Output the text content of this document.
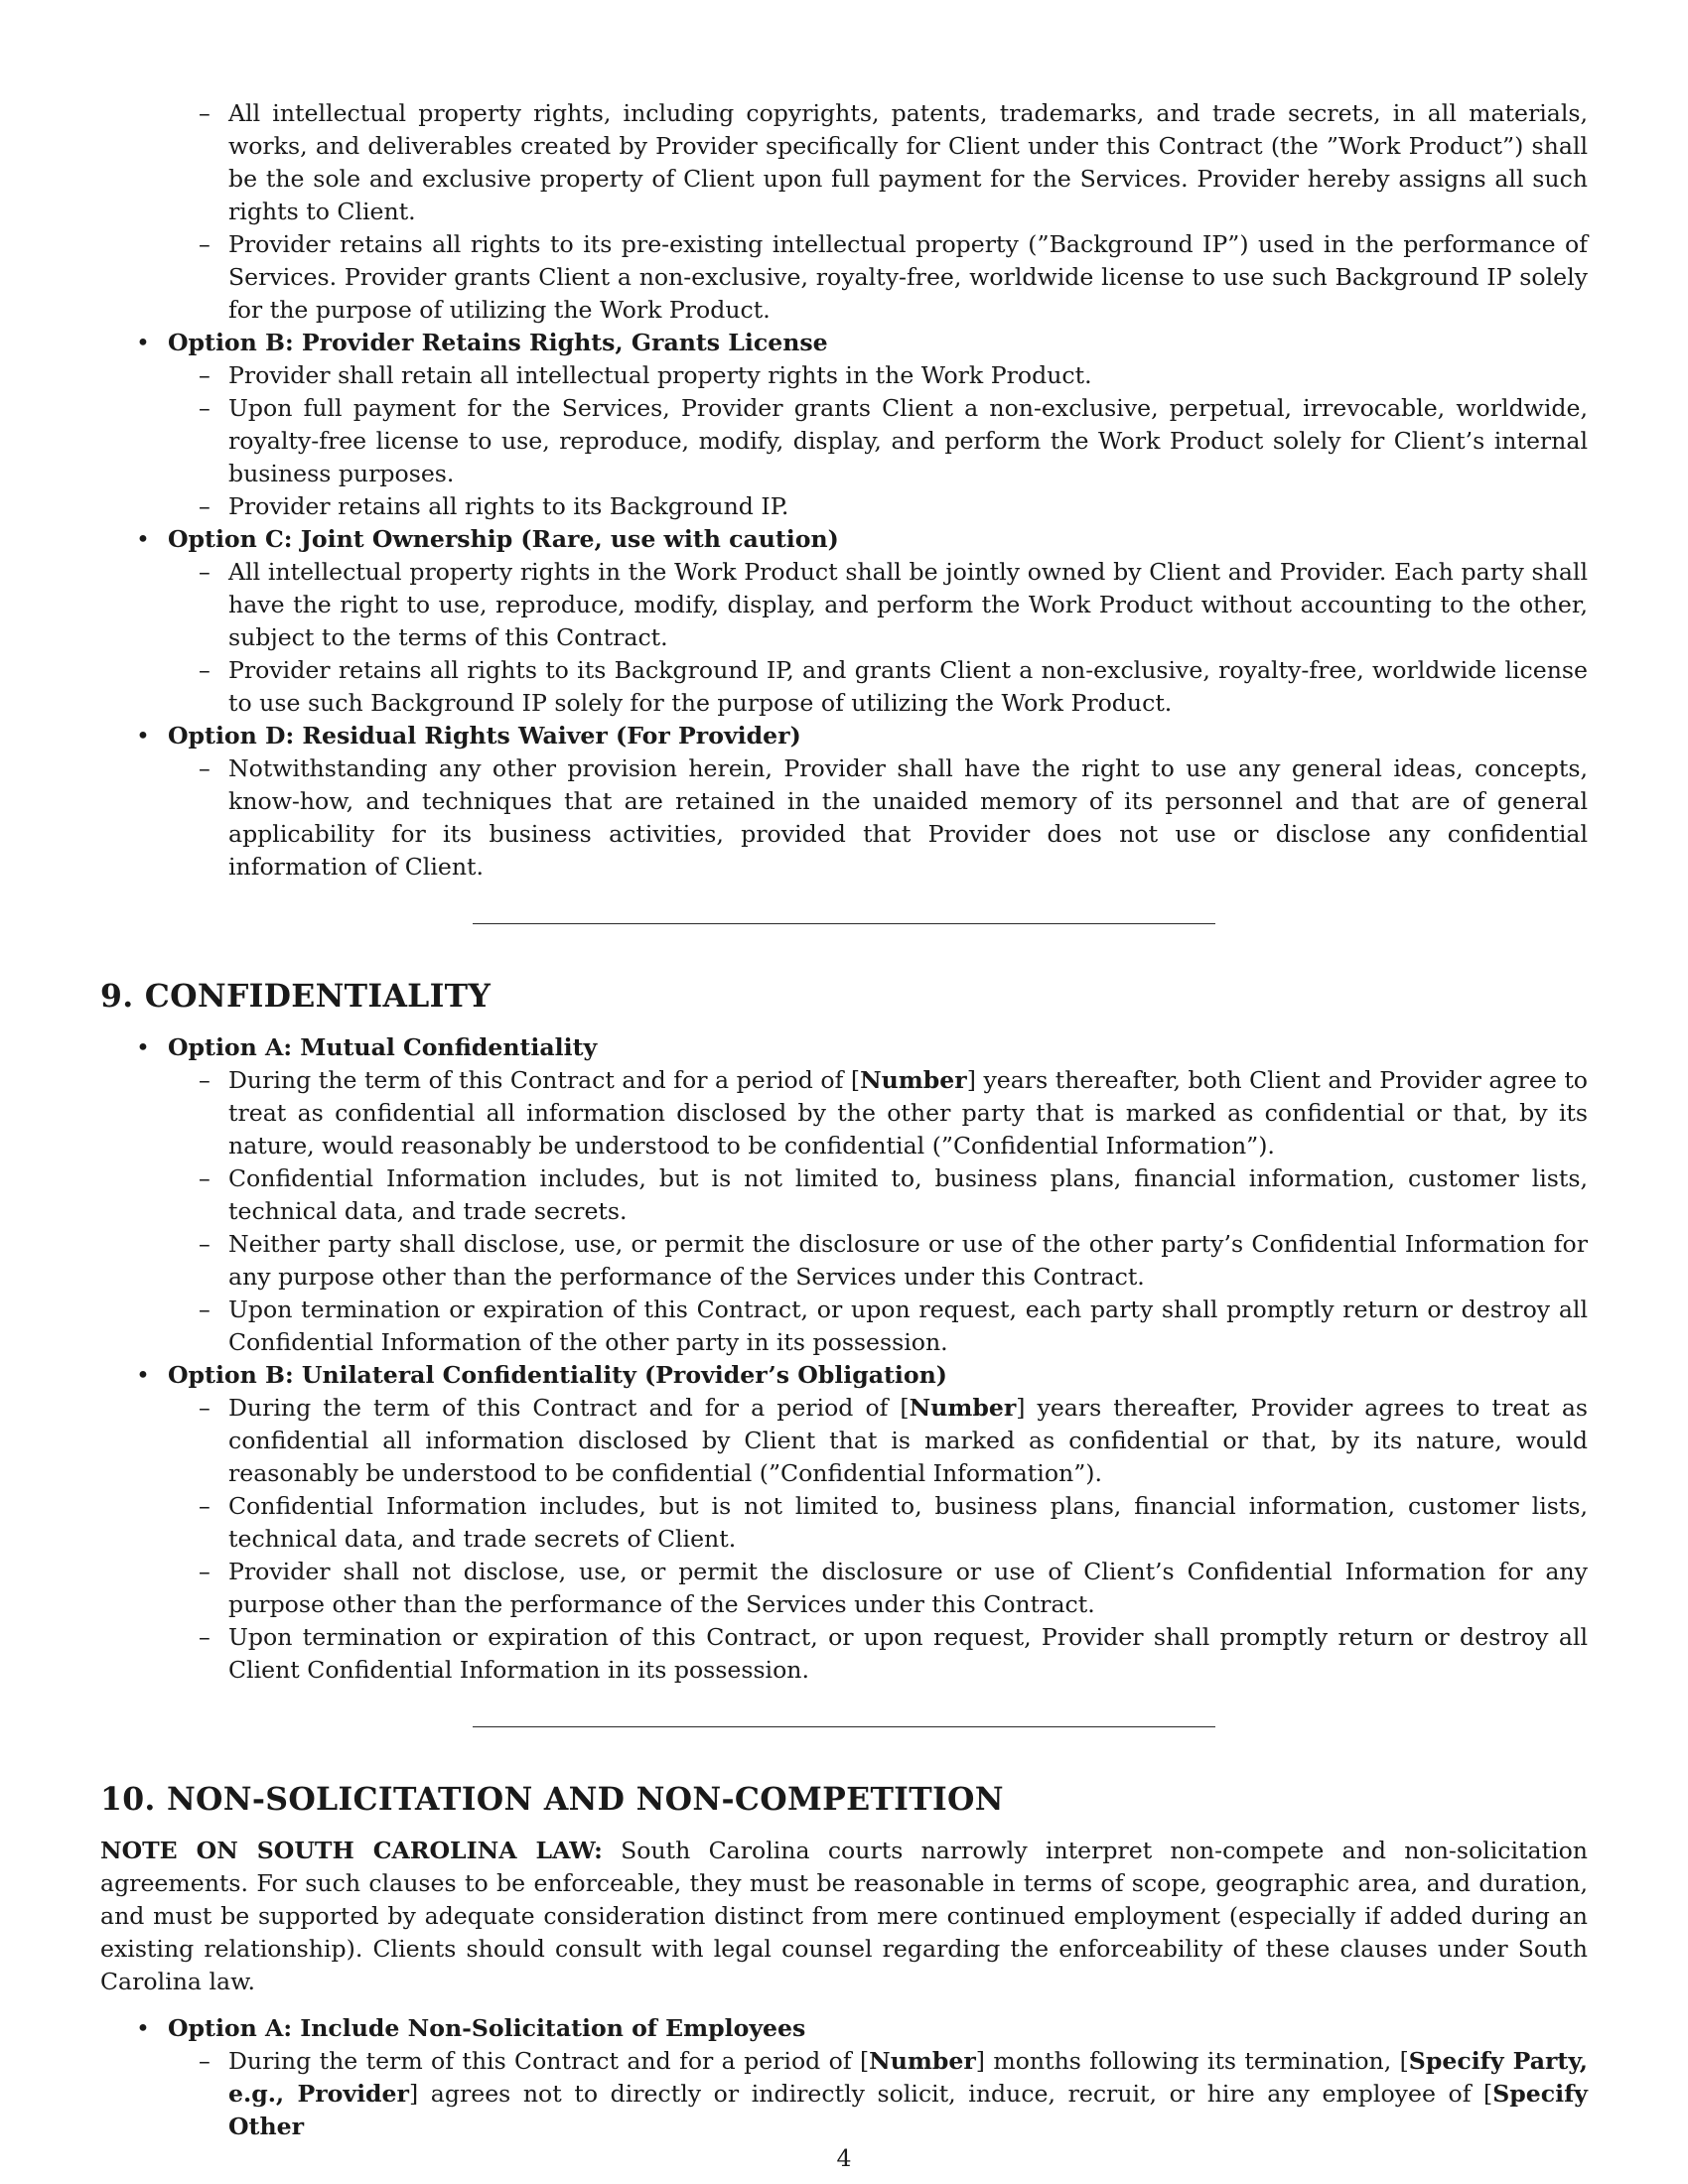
– All intellectual property rights, including copyrights, patents, trademarks, and trade secrets, in all materials, works, and deliverables created by Provider specifically for Client under this Contract (the ”Work Product”) shall be the sole and exclusive property of Client upon full payment for the Services. Provider hereby assigns all such rights to Client.
– Provider retains all rights to its pre-existing intellectual property (”Background IP”) used in the performance of Services. Provider grants Client a non-exclusive, royalty-free, worldwide license to use such Background IP solely for the purpose of utilizing the Work Product.
• Option B: Provider Retains Rights, Grants License
– Provider shall retain all intellectual property rights in the Work Product.
– Upon full payment for the Services, Provider grants Client a non-exclusive, perpetual, irrevocable, worldwide, royalty-free license to use, reproduce, modify, display, and perform the Work Product solely for Client’s internal business purposes.
– Provider retains all rights to its Background IP.
• Option C: Joint Ownership (Rare, use with caution)
– All intellectual property rights in the Work Product shall be jointly owned by Client and Provider. Each party shall have the right to use, reproduce, modify, display, and perform the Work Product without accounting to the other, subject to the terms of this Contract.
– Provider retains all rights to its Background IP, and grants Client a non-exclusive, royalty-free, worldwide license to use such Background IP solely for the purpose of utilizing the Work Product.
• Option D: Residual Rights Waiver (For Provider)
– Notwithstanding any other provision herein, Provider shall have the right to use any general ideas, concepts, know-how, and techniques that are retained in the unaided memory of its personnel and that are of general applicability for its business activities, provided that Provider does not use or disclose any confidential information of Client.
9. CONFIDENTIALITY
• Option A: Mutual Confidentiality
– During the term of this Contract and for a period of [Number] years thereafter, both Client and Provider agree to treat as confidential all information disclosed by the other party that is marked as confidential or that, by its nature, would reasonably be understood to be confidential (”Confidential Information”).
– Confidential Information includes, but is not limited to, business plans, financial information, customer lists, technical data, and trade secrets.
– Neither party shall disclose, use, or permit the disclosure or use of the other party’s Confidential Information for any purpose other than the performance of the Services under this Contract.
– Upon termination or expiration of this Contract, or upon request, each party shall promptly return or destroy all Confidential Information of the other party in its possession.
• Option B: Unilateral Confidentiality (Provider’s Obligation)
– During the term of this Contract and for a period of [Number] years thereafter, Provider agrees to treat as confidential all information disclosed by Client that is marked as confidential or that, by its nature, would reasonably be understood to be confidential (”Confidential Information”).
– Confidential Information includes, but is not limited to, business plans, financial information, customer lists, technical data, and trade secrets of Client.
– Provider shall not disclose, use, or permit the disclosure or use of Client’s Confidential Information for any purpose other than the performance of the Services under this Contract.
– Upon termination or expiration of this Contract, or upon request, Provider shall promptly return or destroy all Client Confidential Information in its possession.
10. NON-SOLICITATION AND NON-COMPETITION

NOTE ON SOUTH CAROLINA LAW: South Carolina courts narrowly interpret non-compete and non-solicitation agreements. For such clauses to be enforceable, they must be reasonable in terms of scope, geographic area, and duration, and must be supported by adequate consideration distinct from mere continued employment (especially if added during an existing relationship). Clients should consult with legal counsel regarding the enforceability of these clauses under South Carolina law.

• Option A: Include Non-Solicitation of Employees
– During the term of this Contract and for a period of [Number] months following its termination, [Specify Party, e.g., Provider] agrees not to directly or indirectly solicit, induce, recruit, or hire any employee of [Specify Other
4
